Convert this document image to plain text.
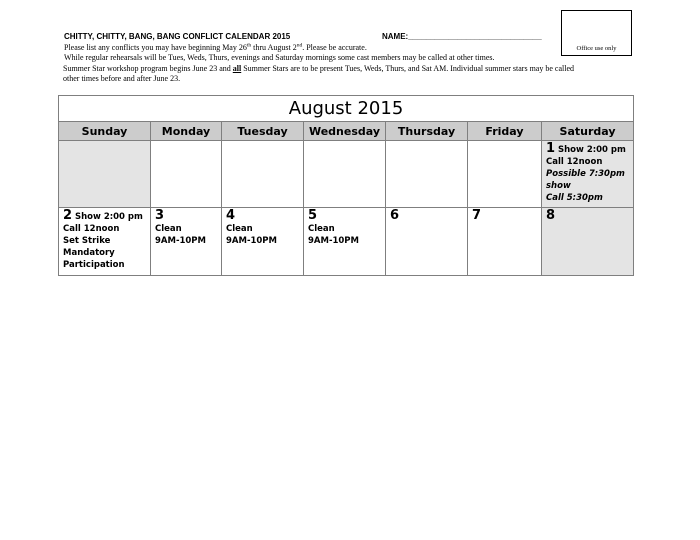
Office use only
CHITTY, CHITTY, BANG, BANG CONFLICT CALENDAR 2015	NAME:______________________________
Please list any conflicts you may have beginning May 26th thru August 2nd. Please be accurate.
While regular rehearsals will be Tues, Weds, Thurs, evenings and Saturday mornings some cast members may be called at other times.
Summer Star workshop program begins June 23 and all Summer Stars are to be present Tues, Weds, Thurs, and Sat AM. Individual summer stars may be called
other times before and after June 23.
August 2015						
Sunday	Monday	Tuesday	Wednesday	Thursday	Friday	Saturday

						1 Show 2:00 pm
Call 12noon
Possible 7:30pm show
Call 5:30pm

2 Show 2:00 pm
Call 12noon
Set Strike
Mandatory Participation	3
Clean
9AM-10PM	4
Clean
9AM-10PM	5
Clean
9AM-10PM	6	7	8
